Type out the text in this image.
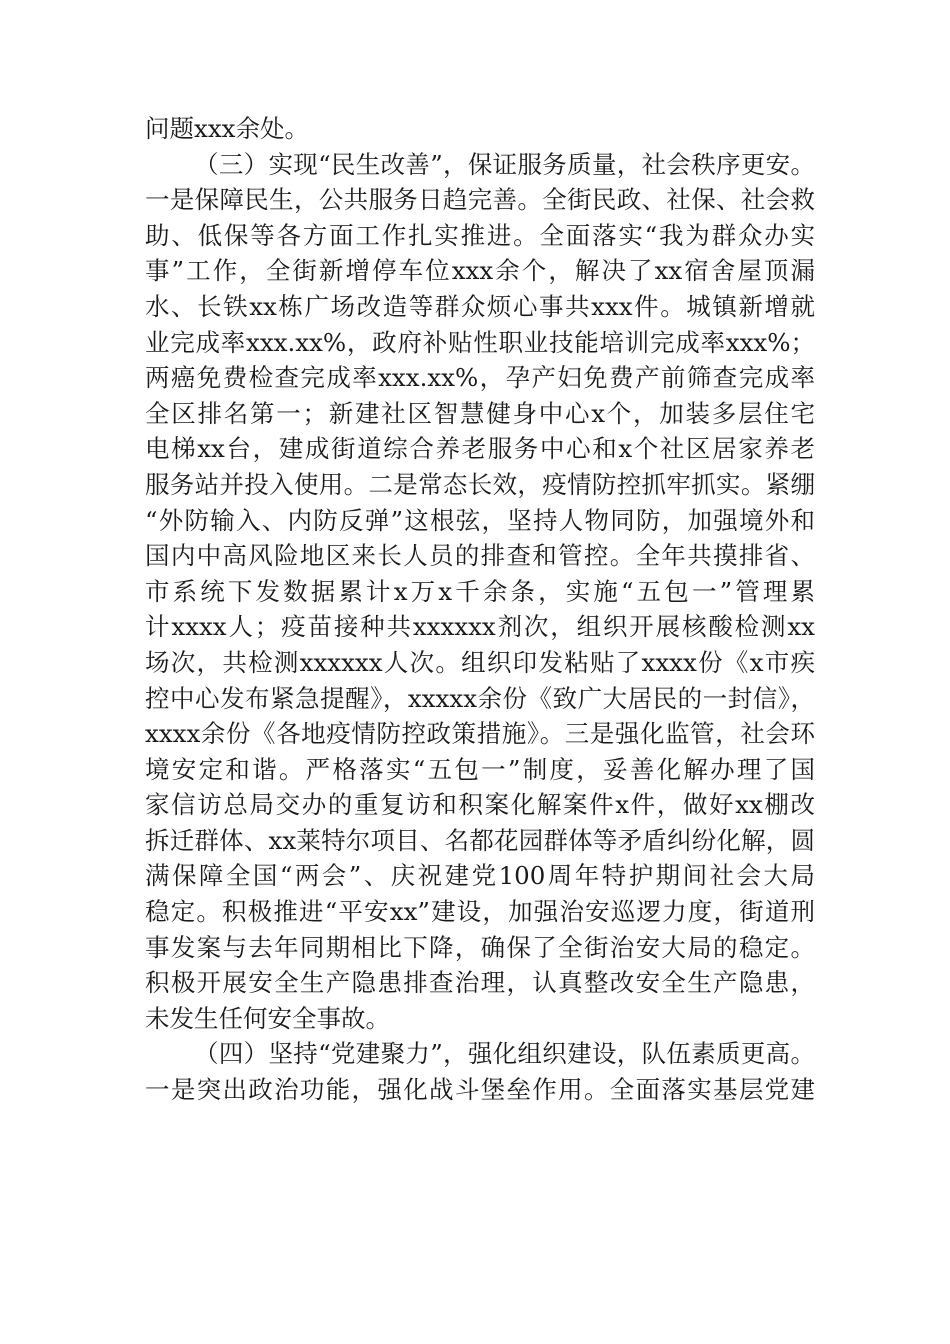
问题xxx余处。
（三）实现“民生改善”，保证服务质量，社会秩序更安。
一是保障民生，公共服务日趋完善。全街民政、社保、社会救
助、低保等各方面工作扎实推进。全面落实“我为群众办实
事”工作，全街新增停车位xxx余个，解决了xx宿舍屋顶漏
水、长铁xx栋广场改造等群众烦心事共xxx件。城镇新增就
业完成率xxx.xx%，政府补贴性职业技能培训完成率xxx%；
两癌免费检查完成率xxx.xx%，孕产妇免费产前筛查完成率
全区排名第一；新建社区智慧健身中心x个，加装多层住宅
电梯xx台，建成街道综合养老服务中心和x个社区居家养老
服务站并投入使用。二是常态长效，疫情防控抓牢抓实。紧绷
“外防输入、内防反弹”这根弦，坚持人物同防，加强境外和
国内中高风险地区来长人员的排查和管控。全年共摸排省、
市系统下发数据累计x万x千余条，实施“五包一”管理累
计xxxx人；疫苗接种共xxxxxx剂次，组织开展核酸检测xx
场次，共检测xxxxxx人次。组织印发粘贴了xxxx份《x市疾
控中心发布紧急提醒》，xxxxx余份《致广大居民的一封信》，
xxxx余份《各地疫情防控政策措施》。三是强化监管，社会环
境安定和谐。严格落实“五包一”制度，妥善化解办理了国
家信访总局交办的重复访和积案化解案件x件，做好xx棚改
拆迁群体、xx莱特尔项目、名都花园群体等矛盾纠纷化解，圆
满保障全国“两会”、庆祝建党100周年特护期间社会大局
稳定。积极推进“平安xx”建设，加强治安巡逻力度，街道刑
事发案与去年同期相比下降，确保了全街治安大局的稳定。
积极开展安全生产隐患排查治理，认真整改安全生产隐患，
未发生任何安全事故。
（四）坚持“党建聚力”，强化组织建设，队伍素质更高。
一是突出政治功能，强化战斗堡垒作用。全面落实基层党建
